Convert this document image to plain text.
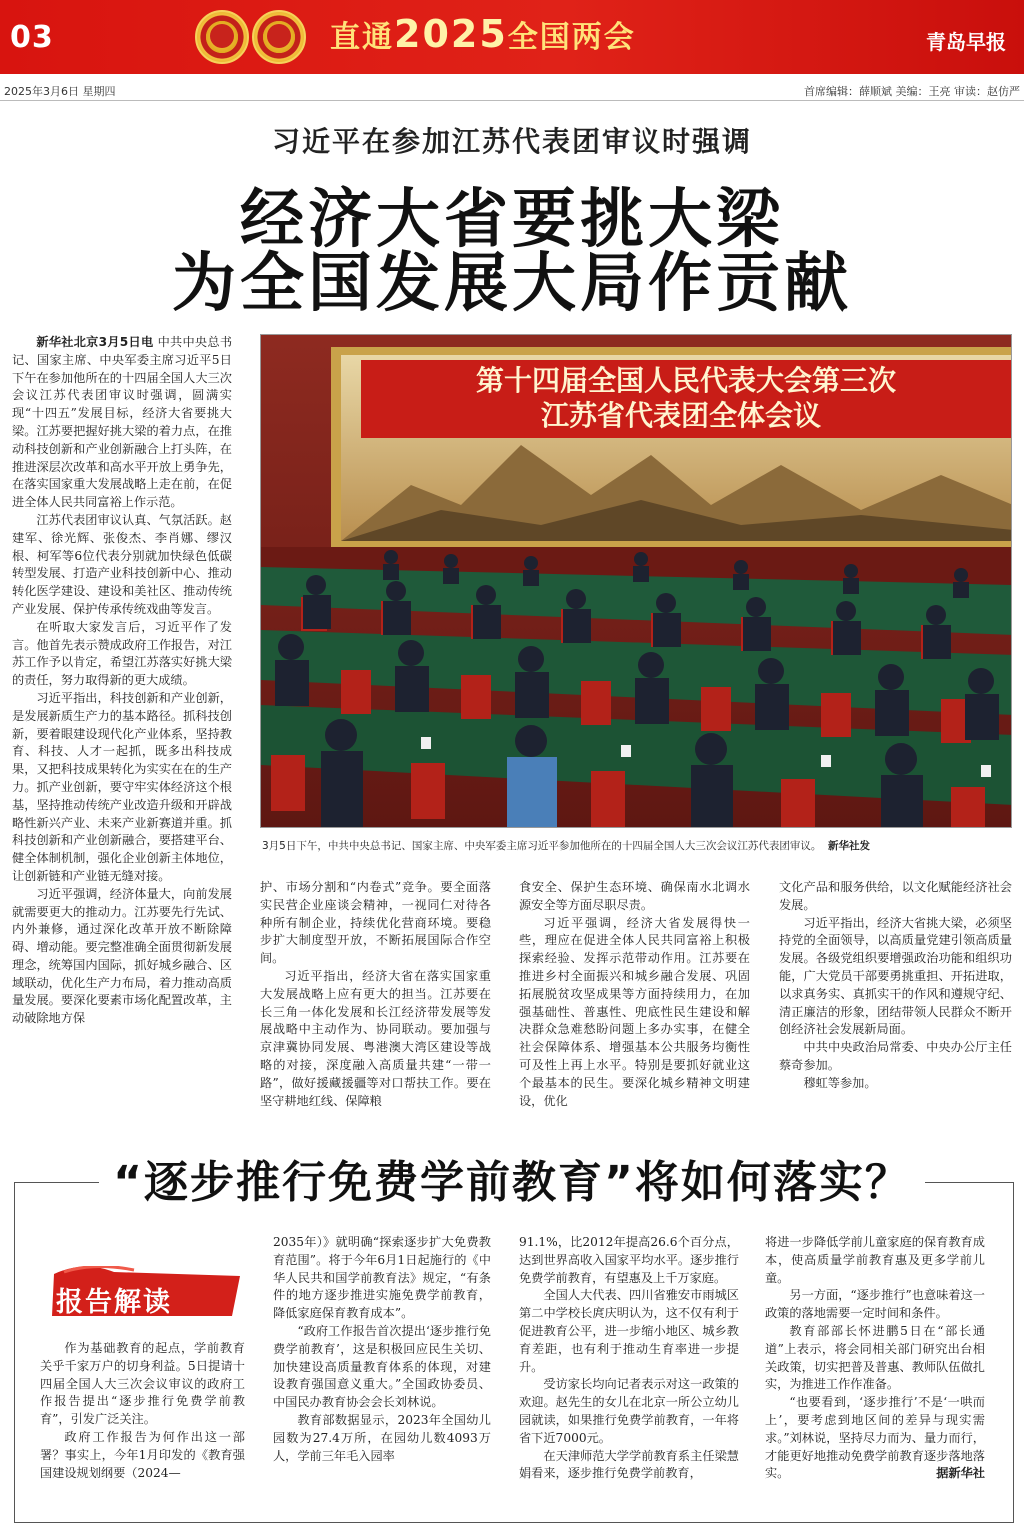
03	直通2025全国两会	青岛早报
2025年3月6日 星期四	首席编辑：薛顺斌 美编：王亮 审读：赵仿严
习近平在参加江苏代表团审议时强调
经济大省要挑大梁
为全国发展大局作贡献

新华社北京3月5日电 中共中央总书记、国家主席、中央军委主席习近平5日下午在参加他所在的十四届全国人大三次会议江苏代表团审议时强调，圆满实现“十四五”发展目标，经济大省要挑大梁。江苏要把握好挑大梁的着力点，在推动科技创新和产业创新融合上打头阵，在推进深层次改革和高水平开放上勇争先，在落实国家重大发展战略上走在前，在促进全体人民共同富裕上作示范。

江苏代表团审议认真、气氛活跃。赵建军、徐光辉、张俊杰、李肖娜、缪汉根、柯军等6位代表分别就加快绿色低碳转型发展、打造产业科技创新中心、推动转化医学建设、建设和美社区、推动传统产业发展、保护传承传统戏曲等发言。

在听取大家发言后，习近平作了发言。他首先表示赞成政府工作报告，对江苏工作予以肯定，希望江苏落实好挑大梁的责任，努力取得新的更大成绩。

习近平指出，科技创新和产业创新，是发展新质生产力的基本路径。抓科技创新，要着眼建设现代化产业体系，坚持教育、科技、人才一起抓，既多出科技成果，又把科技成果转化为实实在在的生产力。抓产业创新，要守牢实体经济这个根基，坚持推动传统产业改造升级和开辟战略性新兴产业、未来产业新赛道并重。抓科技创新和产业创新融合，要搭建平台、健全体制机制，强化企业创新主体地位，让创新链和产业链无缝对接。

习近平强调，经济体量大，向前发展就需要更大的推动力。江苏要先行先试、内外兼修，通过深化改革开放不断除障碍、增动能。要完整准确全面贯彻新发展理念，统筹国内国际，抓好城乡融合、区域联动，优化生产力布局，着力推动高质量发展。要深化要素市场化配置改革，主动破除地方保

第十四届全国人民代表大会第三次
江苏省代表团全体会议
3月5日下午，中共中央总书记、国家主席、中央军委主席习近平参加他所在的十四届全国人大三次会议江苏代表团审议。 新华社发

护、市场分割和“内卷式”竞争。要全面落实民营企业座谈会精神，一视同仁对待各种所有制企业，持续优化营商环境。要稳步扩大制度型开放，不断拓展国际合作空间。

习近平指出，经济大省在落实国家重大发展战略上应有更大的担当。江苏要在长三角一体化发展和长江经济带发展等发展战略中主动作为、协同联动。要加强与京津冀协同发展、粤港澳大湾区建设等战略的对接，深度融入高质量共建“一带一路”，做好援藏援疆等对口帮扶工作。要在坚守耕地红线、保障粮

食安全、保护生态环境、确保南水北调水源安全等方面尽职尽责。

习近平强调，经济大省发展得快一些，理应在促进全体人民共同富裕上积极探索经验、发挥示范带动作用。江苏要在推进乡村全面振兴和城乡融合发展、巩固拓展脱贫攻坚成果等方面持续用力，在加强基础性、普惠性、兜底性民生建设和解决群众急难愁盼问题上多办实事，在健全社会保障体系、增强基本公共服务均衡性可及性上再上水平。特别是要抓好就业这个最基本的民生。要深化城乡精神文明建设，优化

文化产品和服务供给，以文化赋能经济社会发展。

习近平指出，经济大省挑大梁，必须坚持党的全面领导，以高质量党建引领高质量发展。各级党组织要增强政治功能和组织功能，广大党员干部要勇挑重担、开拓进取，以求真务实、真抓实干的作风和遵规守纪、清正廉洁的形象，团结带领人民群众不断开创经济社会发展新局面。

中共中央政治局常委、中央办公厅主任蔡奇参加。

穆虹等参加。

“逐步推行免费学前教育”将如何落实？
报告解读

作为基础教育的起点，学前教育关乎千家万户的切身利益。5日提请十四届全国人大三次会议审议的政府工作报告提出“逐步推行免费学前教育”，引发广泛关注。

政府工作报告为何作出这一部署？事实上，今年1月印发的《教育强国建设规划纲要（2024—

2035年）》就明确“探索逐步扩大免费教育范围”。将于今年6月1日起施行的《中华人民共和国学前教育法》规定，“有条件的地方逐步推进实施免费学前教育，降低家庭保育教育成本”。

“政府工作报告首次提出‘逐步推行免费学前教育’，这是积极回应民生关切、加快建设高质量教育体系的体现，对建设教育强国意义重大。”全国政协委员、中国民办教育协会会长刘林说。

教育部数据显示，2023年全国幼儿园数为27.4万所，在园幼儿数4093万人，学前三年毛入园率

91.1%，比2012年提高26.6个百分点，达到世界高收入国家平均水平。逐步推行免费学前教育，有望惠及上千万家庭。

全国人大代表、四川省雅安市雨城区第二中学校长庹庆明认为，这不仅有利于促进教育公平，进一步缩小地区、城乡教育差距，也有利于推动生育率进一步提升。

受访家长均向记者表示对这一政策的欢迎。赵先生的女儿在北京一所公立幼儿园就读，如果推行免费学前教育，一年将省下近7000元。

在天津师范大学学前教育系主任梁慧娟看来，逐步推行免费学前教育，

将进一步降低学前儿童家庭的保育教育成本，使高质量学前教育惠及更多学前儿童。

另一方面，“逐步推行”也意味着这一政策的落地需要一定时间和条件。

教育部部长怀进鹏5日在“部长通道”上表示，将会同相关部门研究出台相关政策，切实把普及普惠、教师队伍做扎实，为推进工作作准备。

“也要看到，‘逐步推行’不是‘一哄而上’，要考虑到地区间的差异与现实需求。”刘林说，坚持尽力而为、量力而行，才能更好地推动免费学前教育逐步落地落实。	据新华社
